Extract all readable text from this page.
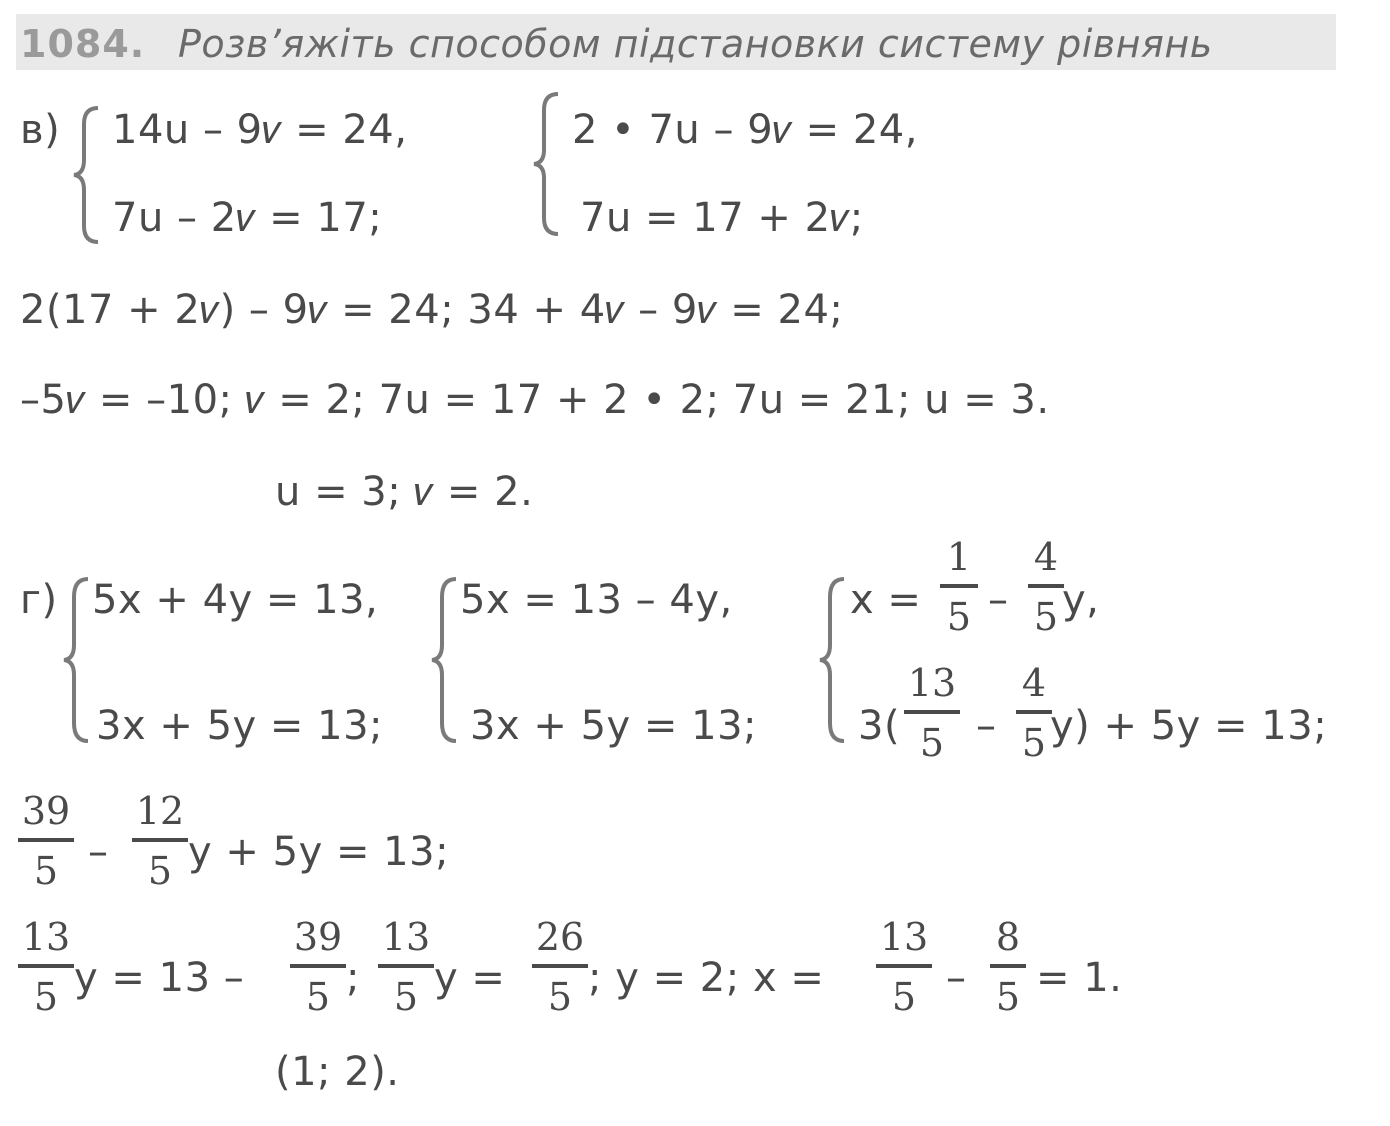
1084. Розв’яжіть способом підстановки систему рівнянь
в) 14u – 9𝑣 = 24,
7u – 2𝑣 = 17;
2 • 7u – 9𝑣 = 24,
7u = 17 + 2𝑣;
2(17 + 2𝑣) – 9𝑣 = 24; 34 + 4𝑣 – 9𝑣 = 24;
–5𝑣 = –10; 𝑣 = 2; 7u = 17 + 2 • 2; 7u = 21; u = 3.
u = 3; 𝑣 = 2.
г) 5x + 4y = 13,
3x + 5y = 13;
5x = 13 – 4y,
3x + 5y = 13;
x =
1
5 –
4
5 y,
3(
13
5 –
4
5 y) + 5y = 13;
39
5 –
12
5 y + 5y = 13;
13
5 y = 13 –
39
5 ;
13
5 y =
26
5 ; y = 2; x =
13
5 –
8
5 = 1.
(1; 2).
